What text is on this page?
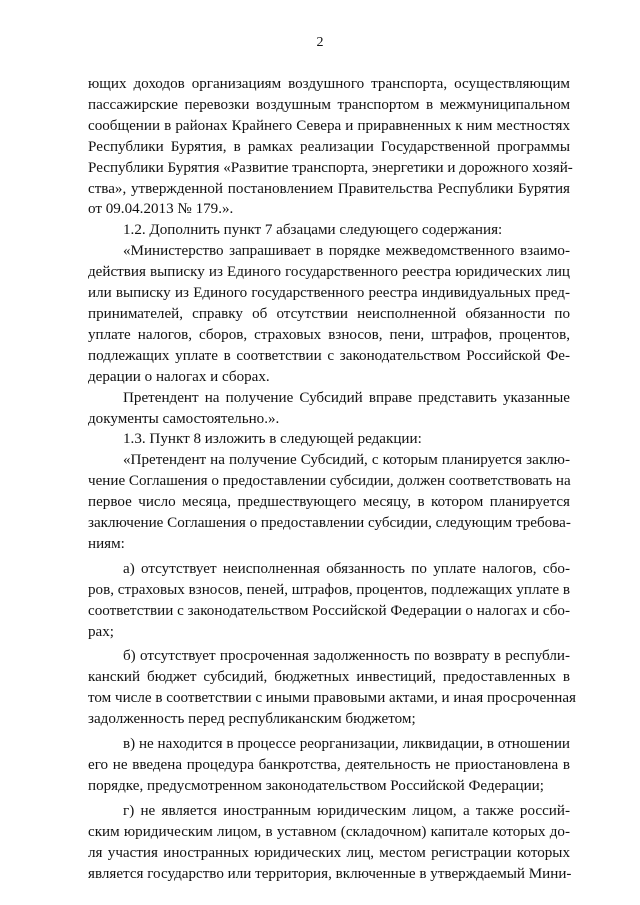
2
ющих доходов организациям воздушного транспорта, осуществляющим
пассажирские перевозки воздушным транспортом в межмуниципальном
сообщении в районах Крайнего Севера и приравненных к ним местностях
Республики Бурятия, в рамках реализации Государственной программы
Республики Бурятия «Развитие транспорта, энергетики и дорожного хозяй-
ства», утвержденной постановлением Правительства Республики Бурятия
от 09.04.2013 № 179.».
1.2. Дополнить пункт 7 абзацами следующего содержания:
«Министерство запрашивает в порядке межведомственного взаимо-
действия выписку из Единого государственного реестра юридических лиц
или выписку из Единого государственного реестра индивидуальных пред-
принимателей, справку об отсутствии неисполненной обязанности по
уплате налогов, сборов, страховых взносов, пени, штрафов, процентов,
подлежащих уплате в соответствии с законодательством Российской Фе-
дерации о налогах и сборах.
Претендент на получение Субсидий вправе представить указанные
документы самостоятельно.».
1.3. Пункт 8 изложить в следующей редакции:
«Претендент на получение Субсидий, с которым планируется заклю-
чение Соглашения о предоставлении субсидии, должен соответствовать на
первое число месяца, предшествующего месяцу, в котором планируется
заключение Соглашения о предоставлении субсидии, следующим требова-
ниям:
а) отсутствует неисполненная обязанность по уплате налогов, сбо-
ров, страховых взносов, пеней, штрафов, процентов, подлежащих уплате в
соответствии с законодательством Российской Федерации о налогах и сбо-
рах;
б) отсутствует просроченная задолженность по возврату в республи-
канский бюджет субсидий, бюджетных инвестиций, предоставленных в
том числе в соответствии с иными правовыми актами, и иная просроченная
задолженность перед республиканским бюджетом;
в) не находится в процессе реорганизации, ликвидации, в отношении
его не введена процедура банкротства, деятельность не приостановлена в
порядке, предусмотренном законодательством Российской Федерации;
г) не является иностранным юридическим лицом, а также россий-
ским юридическим лицом, в уставном (складочном) капитале которых до-
ля участия иностранных юридических лиц, местом регистрации которых
является государство или территория, включенные в утверждаемый Мини-
